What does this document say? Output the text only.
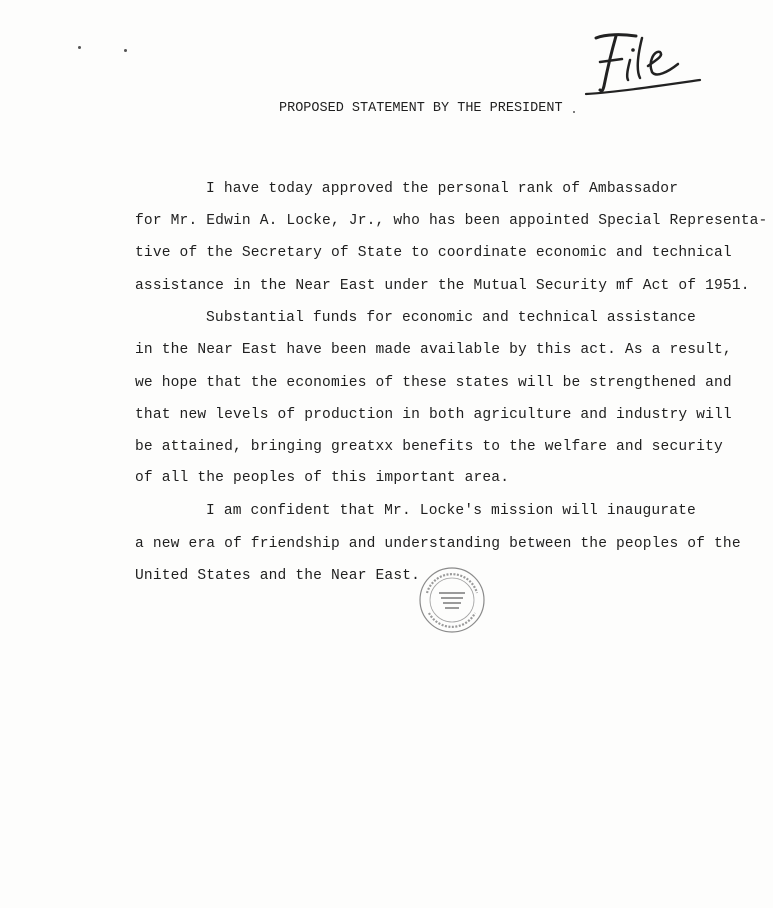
PROPOSED STATEMENT BY THE PRESIDENT
I have today approved the personal rank of Ambassador
for Mr. Edwin A. Locke, Jr., who has been appointed Special Representa-
tive of the Secretary of State to coordinate economic and technical
assistance in the Near East under the Mutual Security mf Act of 1951.
Substantial funds for economic and technical assistance
in the Near East have been made available by this act. As a result,
we hope that the economies of these states will be strengthened and
that new levels of production in both agriculture and industry will
be attained, bringing greatxx benefits to the welfare and security
of all the peoples of this important area.
I am confident that Mr. Locke's mission will inaugurate
a new era of friendship and understanding between the peoples of the
United States and the Near East.
